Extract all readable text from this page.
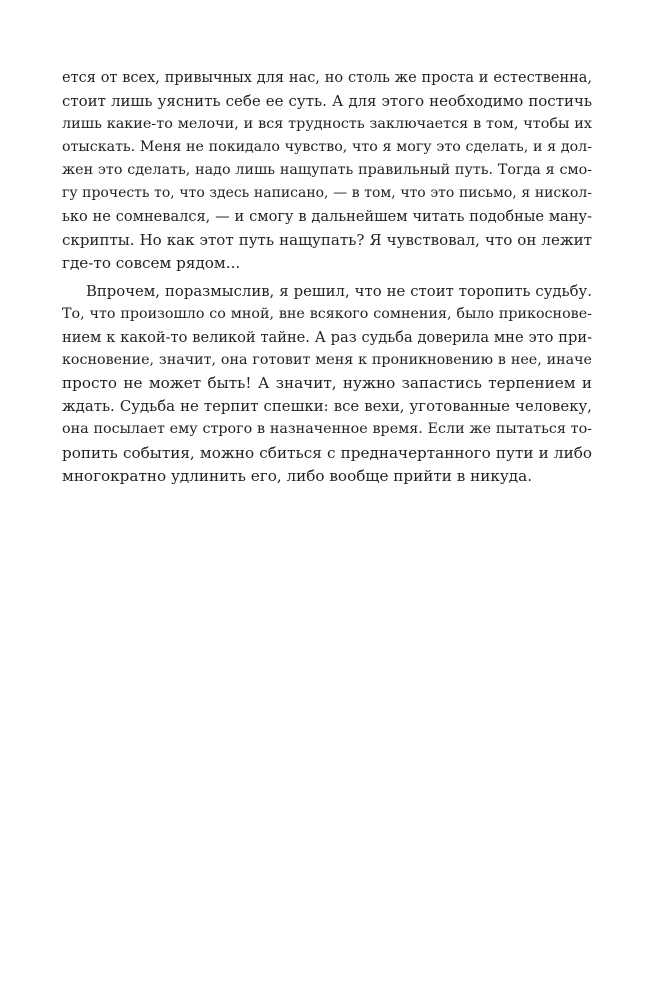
ется от всех, привычных для нас, но столь же проста и естественна,
стоит лишь уяснить себе ее суть. А для этого необходимо постичь
лишь какие-то мелочи, и вся трудность заключается в том, чтобы их
отыскать. Меня не покидало чувство, что я могу это сделать, и я дол-
жен это сделать, надо лишь нащупать правильный путь. Тогда я смо-
гу прочесть то, что здесь написано, — в том, что это письмо, я нискол-
ько не сомневался, — и смогу в дальнейшем читать подобные ману-
скрипты. Но как этот путь нащупать? Я чувствовал, что он лежит
где-то совсем рядом...
Впрочем, поразмыслив, я решил, что не стоит торопить судьбу.
То, что произошло со мной, вне всякого сомнения, было прикоснове-
нием к какой-то великой тайне. А раз судьба доверила мне это при-
косновение, значит, она готовит меня к проникновению в нее, иначе
просто не может быть! А значит, нужно запастись терпением и
ждать. Судьба не терпит спешки: все вехи, уготованные человеку,
она посылает ему строго в назначенное время. Если же пытаться то-
ропить события, можно сбиться с предначертанного пути и либо
многократно удлинить его, либо вообще прийти в никуда.
